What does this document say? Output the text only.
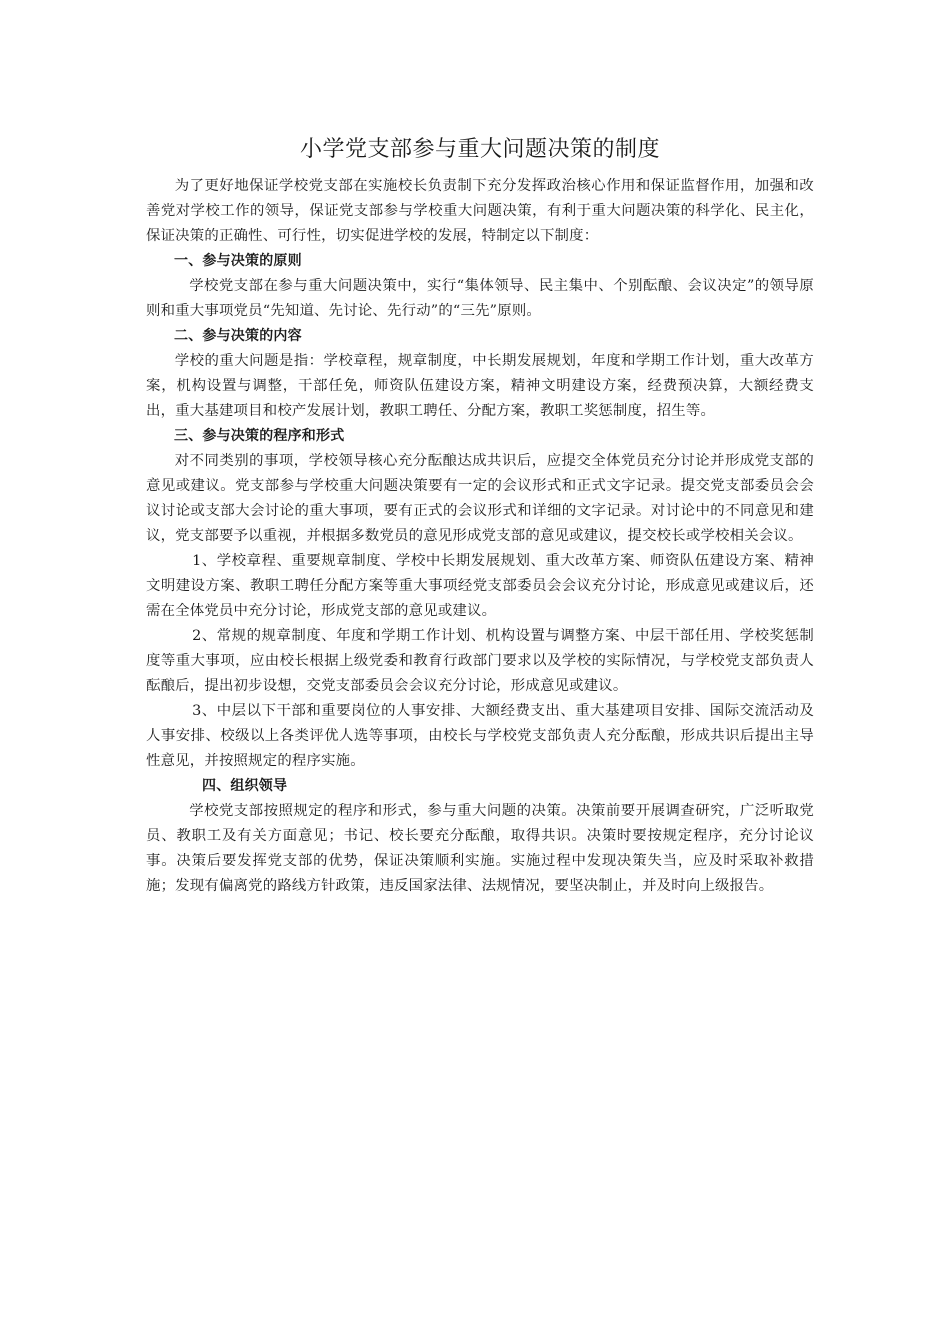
小学党支部参与重大问题决策的制度

为了更好地保证学校党支部在实施校长负责制下充分发挥政治核心作用和保证监督作用，加强和改善党对学校工作的领导，保证党支部参与学校重大问题决策，有利于重大问题决策的科学化、民主化，保证决策的正确性、可行性，切实促进学校的发展，特制定以下制度：

一、参与决策的原则

学校党支部在参与重大问题决策中，实行“集体领导、民主集中、个别酝酿、会议决定”的领导原则和重大事项党员“先知道、先讨论、先行动”的“三先”原则。

二、参与决策的内容

学校的重大问题是指：学校章程，规章制度，中长期发展规划，年度和学期工作计划，重大改革方案，机构设置与调整，干部任免，师资队伍建设方案，精神文明建设方案，经费预决算，大额经费支出，重大基建项目和校产发展计划，教职工聘任、分配方案，教职工奖惩制度，招生等。

三、参与决策的程序和形式

对不同类别的事项，学校领导核心充分酝酿达成共识后，应提交全体党员充分讨论并形成党支部的意见或建议。党支部参与学校重大问题决策要有一定的会议形式和正式文字记录。提交党支部委员会会议讨论或支部大会讨论的重大事项，要有正式的会议形式和详细的文字记录。对讨论中的不同意见和建议，党支部要予以重视，并根据多数党员的意见形成党支部的意见或建议，提交校长或学校相关会议。

1、学校章程、重要规章制度、学校中长期发展规划、重大改革方案、师资队伍建设方案、精神文明建设方案、教职工聘任分配方案等重大事项经党支部委员会会议充分讨论，形成意见或建议后，还需在全体党员中充分讨论，形成党支部的意见或建议。

2、常规的规章制度、年度和学期工作计划、机构设置与调整方案、中层干部任用、学校奖惩制度等重大事项，应由校长根据上级党委和教育行政部门要求以及学校的实际情况，与学校党支部负责人酝酿后，提出初步设想，交党支部委员会会议充分讨论，形成意见或建议。

3、中层以下干部和重要岗位的人事安排、大额经费支出、重大基建项目安排、国际交流活动及人事安排、校级以上各类评优人选等事项，由校长与学校党支部负责人充分酝酿，形成共识后提出主导性意见，并按照规定的程序实施。

四、组织领导

学校党支部按照规定的程序和形式，参与重大问题的决策。决策前要开展调查研究，广泛听取党员、教职工及有关方面意见；书记、校长要充分酝酿，取得共识。决策时要按规定程序，充分讨论议事。决策后要发挥党支部的优势，保证决策顺利实施。实施过程中发现决策失当，应及时采取补救措施；发现有偏离党的路线方针政策，违反国家法律、法规情况，要坚决制止，并及时向上级报告。
